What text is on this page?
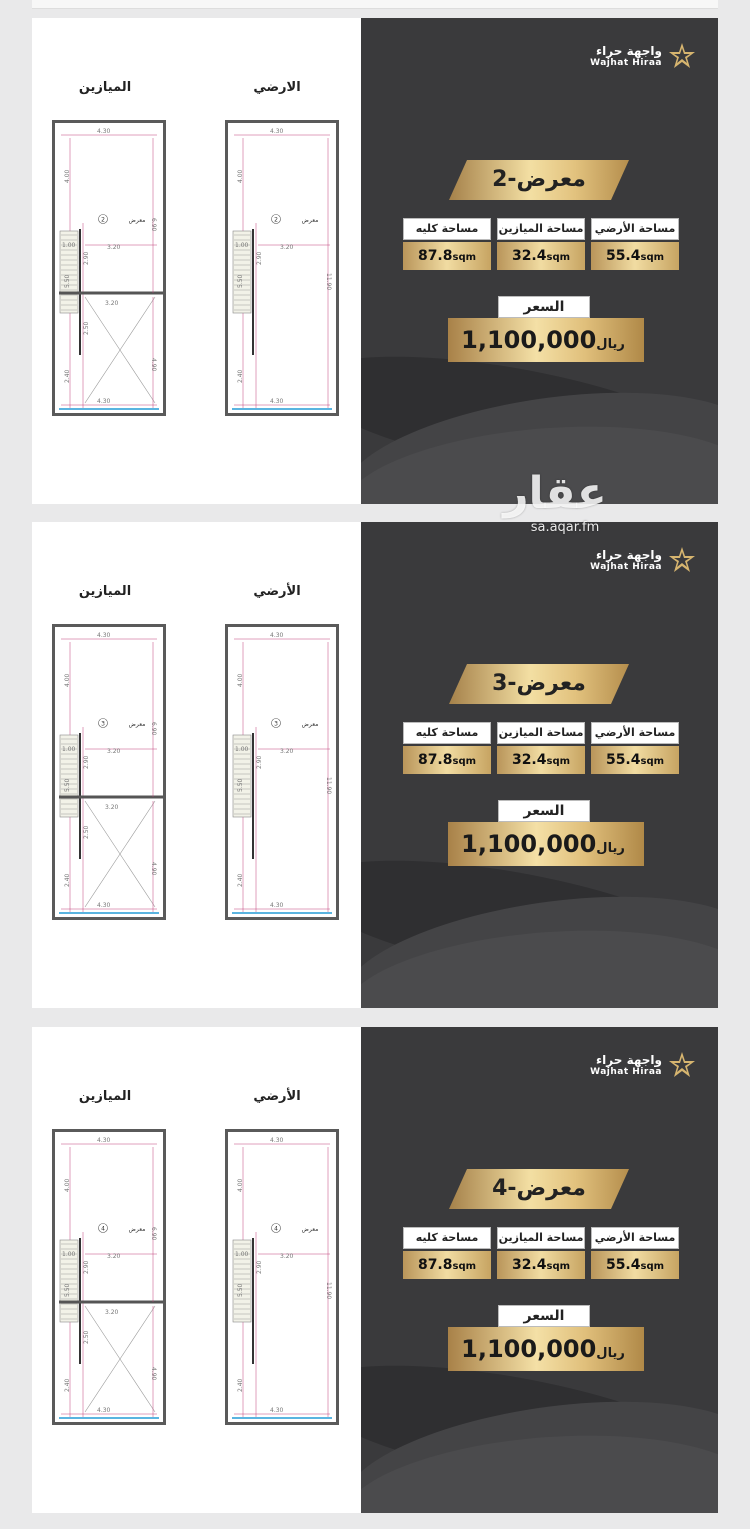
الميازين	الارضي
4.30
4.30
3.20
4.00
1.00
5.50
2.90
2.40
2	معرض 6.90
4.90
3.20
2.50
4.30
4.30
3.20
4.00
1.00
5.50
2.90
2.40
2	معرض
11.90
واجهة حراء
Wajhat Hiraa
معرض-2
مساحة كليه
87.8sqm
مساحة الميازين
32.4sqm
مساحة الأرضي
55.4sqm
السعر
ريال1,100,000
الميازين	الأرضي
4.30
4.30
3.20
4.00
1.00
5.50
2.90
2.40
3	معرض 6.90
4.90
3.20
2.50
4.30
4.30
3.20
4.00
1.00
5.50
2.90
2.40
3	معرض
11.90
واجهة حراء
Wajhat Hiraa
معرض-3
مساحة كليه
87.8sqm
مساحة الميازين
32.4sqm
مساحة الأرضي
55.4sqm
السعر
ريال1,100,000
الميازين	الأرضي
4.30
4.30
3.20
4.00
1.00
5.50
2.90
2.40
4	معرض 6.90
4.90
3.20
2.50
4.30
4.30
3.20
4.00
1.00
5.50
2.90
2.40
4	معرض
11.90
واجهة حراء
Wajhat Hiraa
معرض-4
مساحة كليه
87.8sqm
مساحة الميازين
32.4sqm
مساحة الأرضي
55.4sqm
السعر
ريال1,100,000
عقار
sa.aqar.fm
